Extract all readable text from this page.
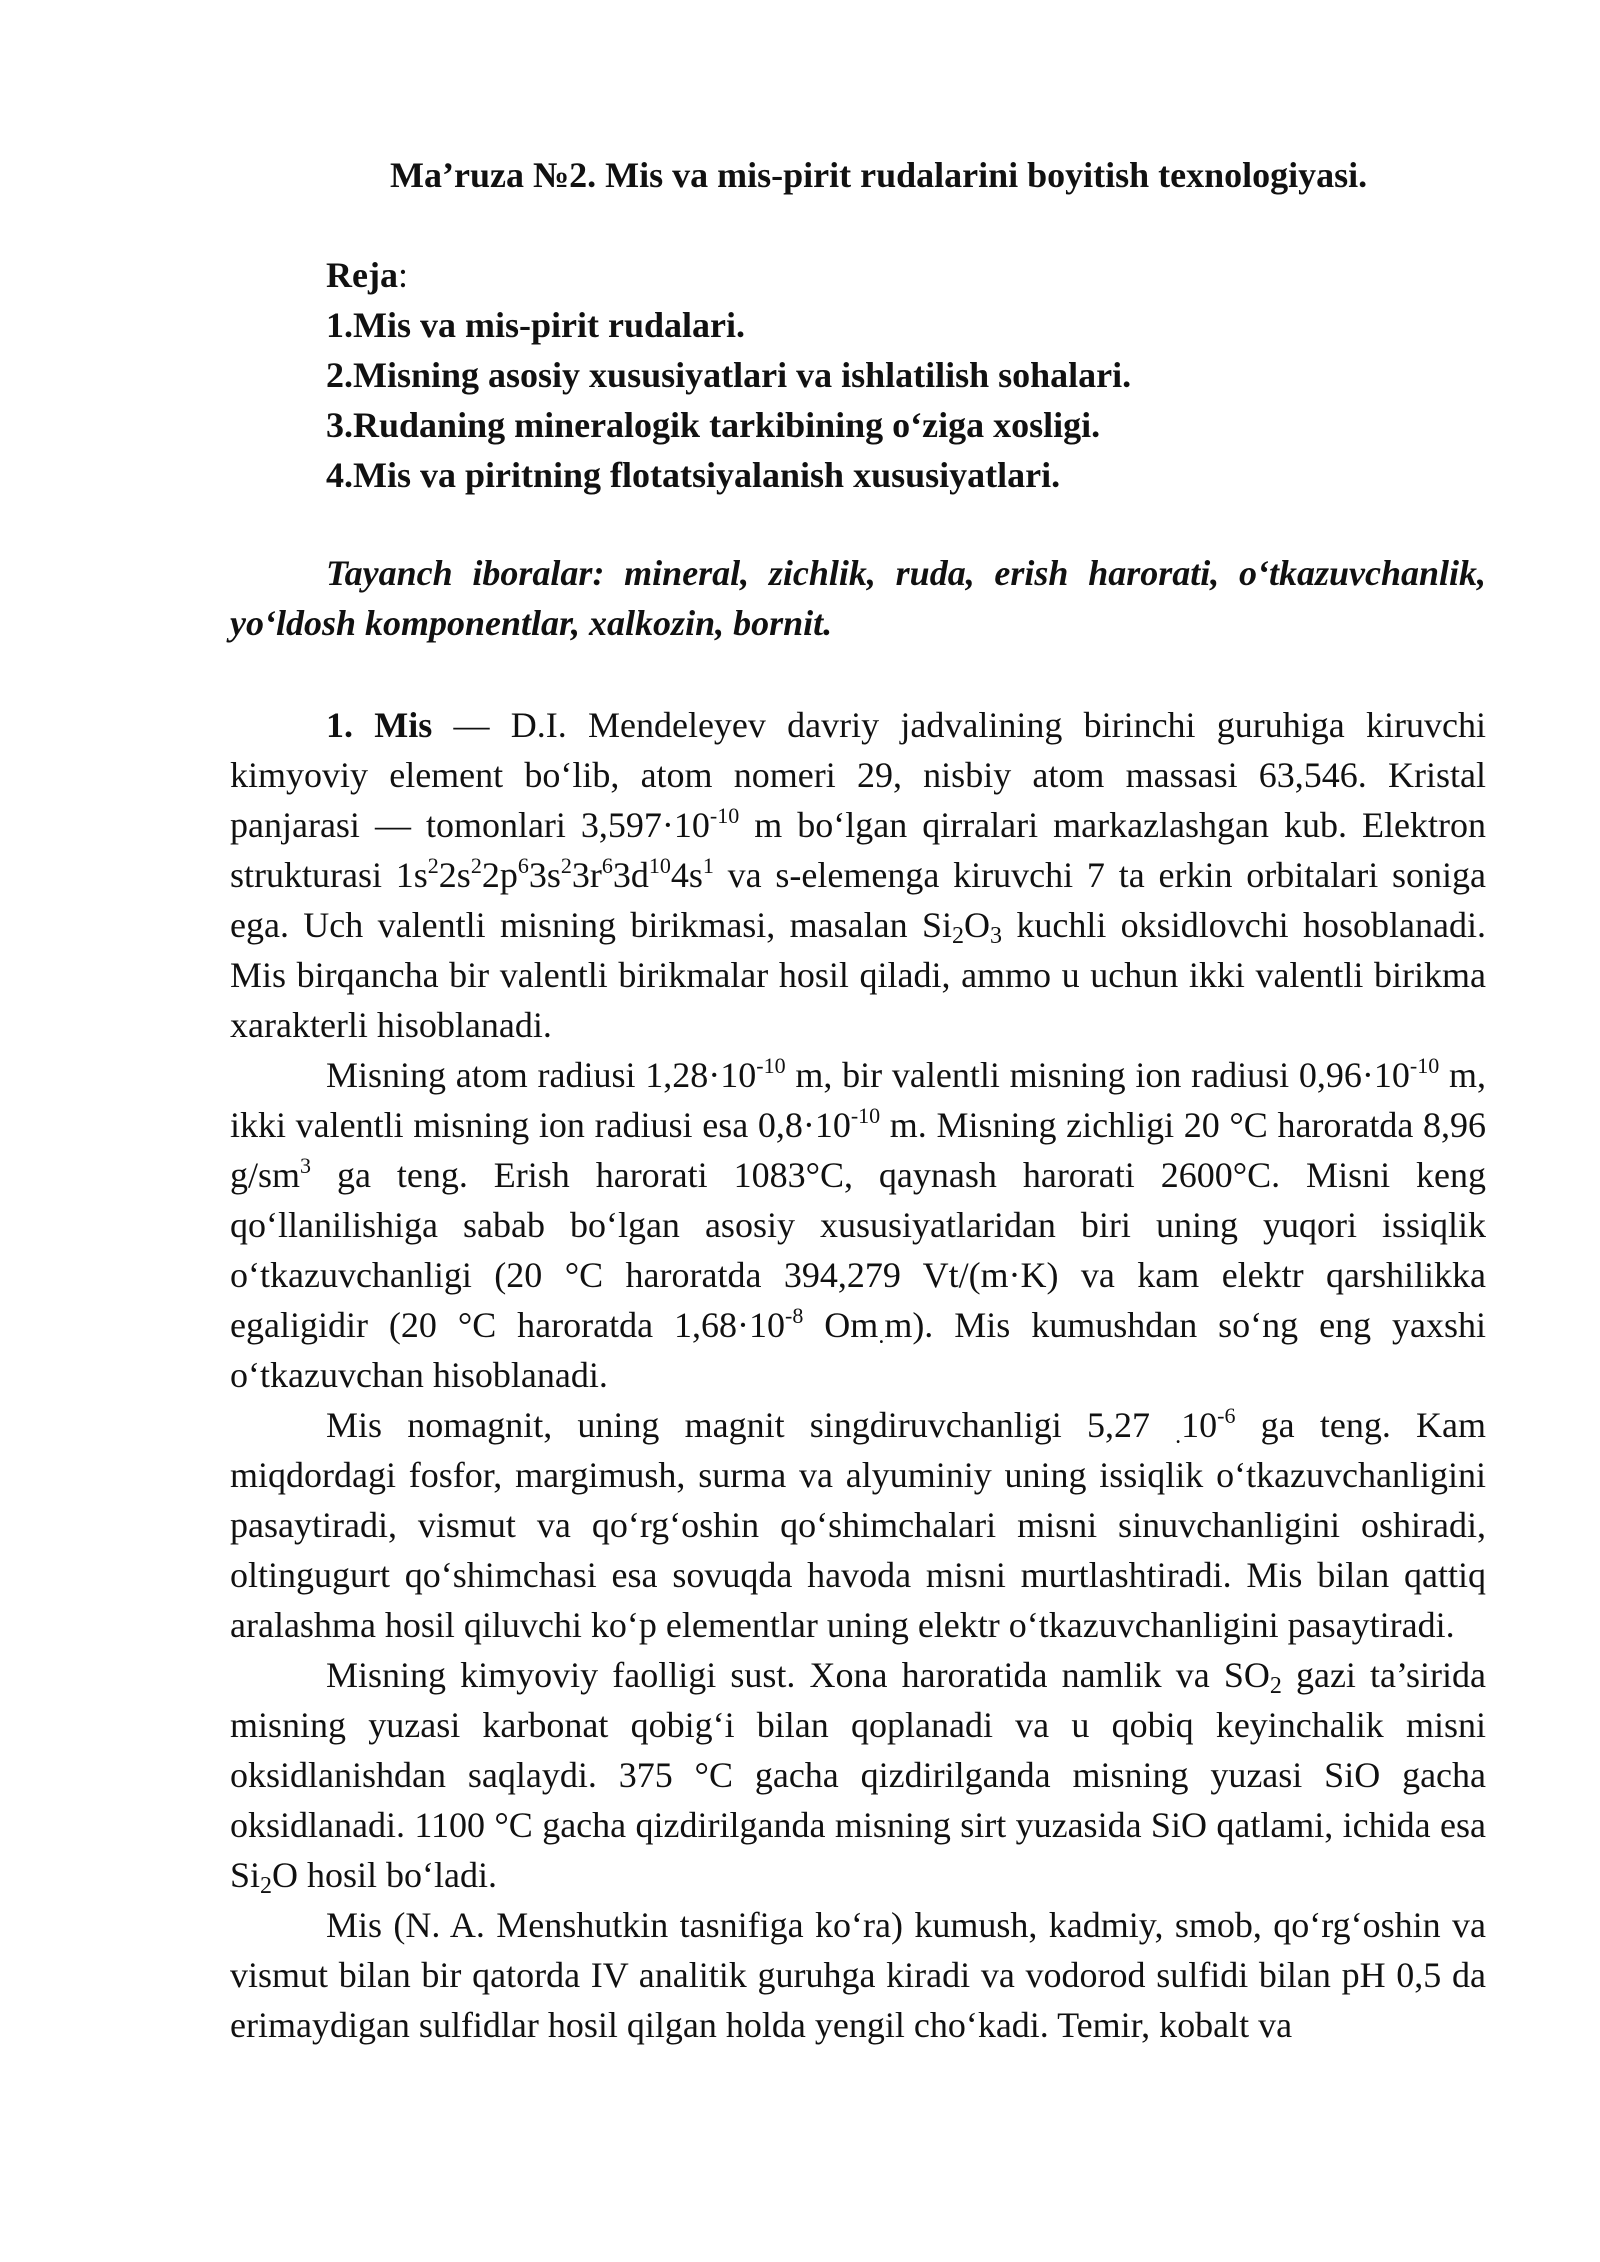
Ma’ruza №2. Mis va mis-pirit rudalarini boyitish texnologiyasi.
Reja:
1.Mis va mis-pirit rudalari.
2.Misning asosiy xususiyatlari va ishlatilish sohalari.
3.Rudaning mineralogik tarkibining o‘ziga xosligi.
4.Mis va piritning flotatsiyalanish xususiyatlari.
Tayanch iboralar: mineral, zichlik, ruda, erish harorati, o‘tkazuvchanlik, yo‘ldosh komponentlar, xalkozin, bornit.

1. Mis — D.I. Mendeleyev davriy jadvalining birinchi guruhiga kiruvchi kimyoviy element bo‘lib, atom nomeri 29, nisbiy atom massasi 63,546. Kristal panjarasi — tomonlari $3,597\cdot 10^{-10}$ m bo‘lgan qirralari markazlashgan kub. Elektron strukturasi $1s^22s^22p^63s^23r^63d^{10}4s^1$ va s-elemenga kiruvchi 7 ta erkin orbitalari soniga ega. Uch valentli misning birikmasi, masalan $Si_2O_3$ kuchli oksidlovchi hosoblanadi. Mis birqancha bir valentli birikmalar hosil qiladi, ammo u uchun ikki valentli birikma xarakterli hisoblanadi.

Misning atom radiusi $1,28\cdot 10^{-10}$ m, bir valentli misning ion radiusi $0,96\cdot 10^{-10}$ m, ikki valentli misning ion radiusi esa $0,8\cdot 10^{-10}$ m. Misning zichligi 20 °C haroratda 8,96 $g/sm^3$ ga teng. Erish harorati 1083°C, qaynash harorati 2600°C. Misni keng qo‘llanilishiga sabab bo‘lgan asosiy xususiyatlaridan biri uning yuqori issiqlik o‘tkazuvchanligi (20 °C haroratda 394,279 Vt/(m·K) va kam elektr qarshilikka egaligidir (20 °C haroratda $1,68\cdot 10^{-8}$ $Om_.m$). Mis kumushdan so‘ng eng yaxshi o‘tkazuvchan hisoblanadi.

Mis nomagnit, uning magnit singdiruvchanligi 5,27 $_.10^{-6}$ ga teng. Kam miqdordagi fosfor, margimush, surma va alyuminiy uning issiqlik o‘tkazuvchanligini pasaytiradi, vismut va qo‘rg‘oshin qo‘shimchalari misni sinuvchanligini oshiradi, oltingugurt qo‘shimchasi esa sovuqda havoda misni murtlashtiradi. Mis bilan qattiq aralashma hosil qiluvchi ko‘p elementlar uning elektr o‘tkazuvchanligini pasaytiradi.

Misning kimyoviy faolligi sust. Xona haroratida namlik va $SO_2$ gazi ta’sirida misning yuzasi karbonat qobig‘i bilan qoplanadi va u qobiq keyinchalik misni oksidlanishdan saqlaydi. 375 °C gacha qizdirilganda misning yuzasi SiO gacha oksidlanadi. 1100 °C gacha qizdirilganda misning sirt yuzasida SiO qatlami, ichida esa $Si_2O$ hosil bo‘ladi.

Mis (N. A. Menshutkin tasnifiga ko‘ra) kumush, kadmiy, smob, qo‘rg‘oshin va vismut bilan bir qatorda IV analitik guruhga kiradi va vodorod sulfidi bilan pH 0,5 da erimaydigan sulfidlar hosil qilgan holda yengil cho‘kadi. Temir, kobalt va
